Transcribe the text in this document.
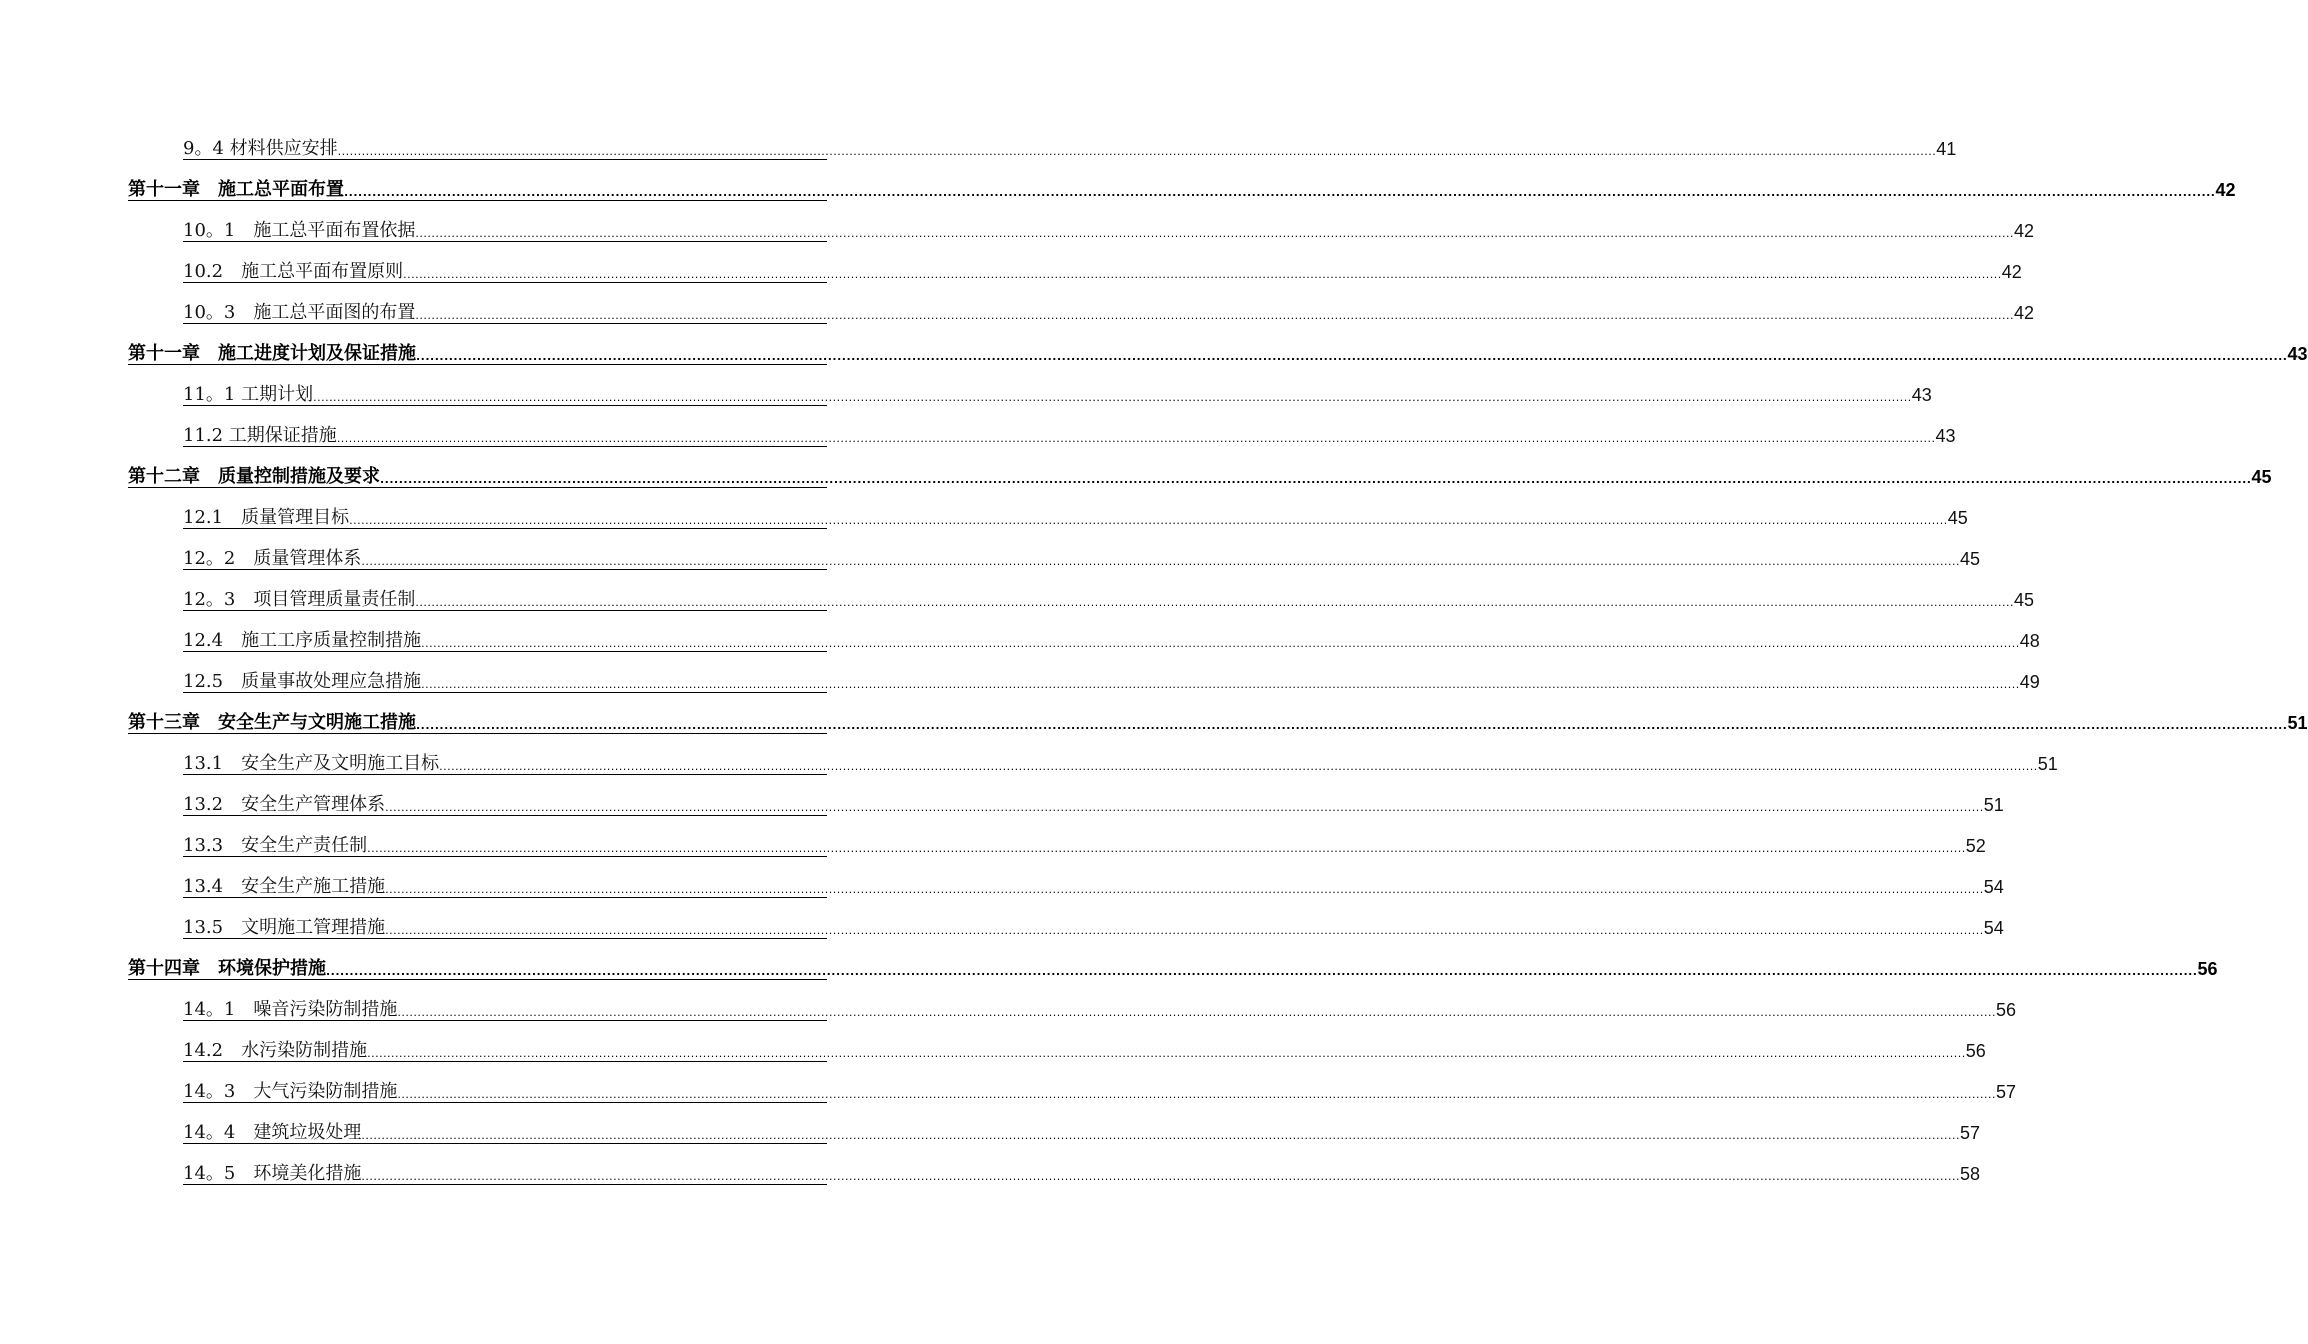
9。4 材料供应安排 ................................................................................................................................................................................................................................................................................................................................................................................................................ 41
第十一章　施工总平面布置 ................................................................................................................................................................................................................................................................................................................................................................................................................ 42
10。1　施工总平面布置依据 ................................................................................................................................................................................................................................................................................................................................................................................................................ 42
10.2　施工总平面布置原则 ................................................................................................................................................................................................................................................................................................................................................................................................................ 42
10。3　施工总平面图的布置 ................................................................................................................................................................................................................................................................................................................................................................................................................ 42
第十一章　施工进度计划及保证措施 ................................................................................................................................................................................................................................................................................................................................................................................................................ 43
11。1 工期计划 ................................................................................................................................................................................................................................................................................................................................................................................................................ 43
11.2 工期保证措施 ................................................................................................................................................................................................................................................................................................................................................................................................................ 43
第十二章　质量控制措施及要求 ................................................................................................................................................................................................................................................................................................................................................................................................................ 45
12.1　质量管理目标 ................................................................................................................................................................................................................................................................................................................................................................................................................ 45
12。2　质量管理体系 ................................................................................................................................................................................................................................................................................................................................................................................................................ 45
12。3　项目管理质量责任制 ................................................................................................................................................................................................................................................................................................................................................................................................................ 45
12.4　施工工序质量控制措施 ................................................................................................................................................................................................................................................................................................................................................................................................................ 48
12.5　质量事故处理应急措施 ................................................................................................................................................................................................................................................................................................................................................................................................................ 49
第十三章　安全生产与文明施工措施 ................................................................................................................................................................................................................................................................................................................................................................................................................ 51
13.1　安全生产及文明施工目标 ................................................................................................................................................................................................................................................................................................................................................................................................................ 51
13.2　安全生产管理体系 ................................................................................................................................................................................................................................................................................................................................................................................................................ 51
13.3　安全生产责任制 ................................................................................................................................................................................................................................................................................................................................................................................................................ 52
13.4　安全生产施工措施 ................................................................................................................................................................................................................................................................................................................................................................................................................ 54
13.5　文明施工管理措施 ................................................................................................................................................................................................................................................................................................................................................................................................................ 54
第十四章　环境保护措施 ................................................................................................................................................................................................................................................................................................................................................................................................................ 56
14。1　噪音污染防制措施 ................................................................................................................................................................................................................................................................................................................................................................................................................ 56
14.2　水污染防制措施 ................................................................................................................................................................................................................................................................................................................................................................................................................ 56
14。3　大气污染防制措施 ................................................................................................................................................................................................................................................................................................................................................................................................................ 57
14。4　建筑垃圾处理 ................................................................................................................................................................................................................................................................................................................................................................................................................ 57
14。5　环境美化措施 ................................................................................................................................................................................................................................................................................................................................................................................................................ 58
